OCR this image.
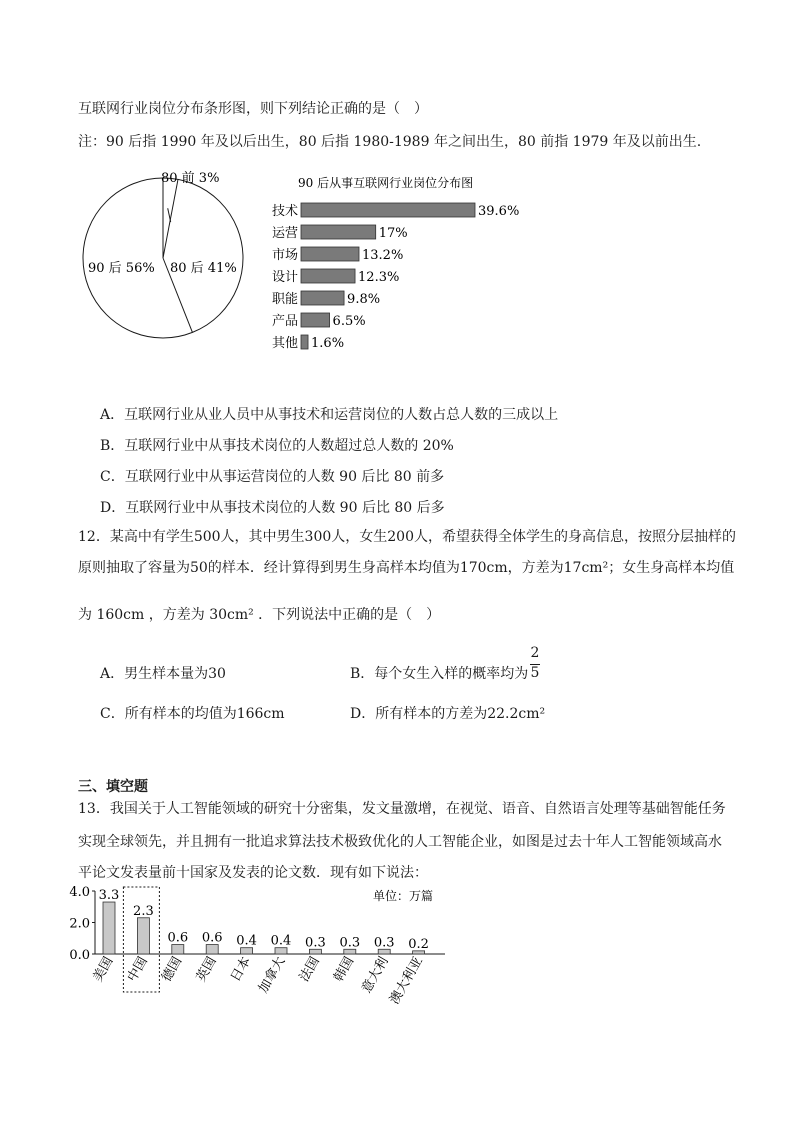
互联网行业岗位分布条形图，则下列结论正确的是（　）
注：90 后指 1990 年及以后出生，80 后指 1980-1989 年之间出生，80 前指 1979 年及以前出生.
80 前 3%
80 后 41%
90 后 56%
90 后从事互联网行业岗位分布图
技术	39.6%
运营	17%
市场	13.2%
设计	12.3%
职能	9.8%
产品	6.5%
其他 1.6%
A．互联网行业从业人员中从事技术和运营岗位的人数占总人数的三成以上
B．互联网行业中从事技术岗位的人数超过总人数的 20%
C．互联网行业中从事运营岗位的人数 90 后比 80 前多
D．互联网行业中从事技术岗位的人数 90 后比 80 后多
12．某高中有学生500人，其中男生300人，女生200人，希望获得全体学生的身高信息，按照分层抽样的
原则抽取了容量为50的样本．经计算得到男生身高样本均值为170cm，方差为17cm²；女生身高样本均值
为 160cm ，方差为 30cm² ．下列说法中正确的是（　）
A．男生样本量为30	B．每个女生入样的概率均为
2
5
C．所有样本的均值为166cm	D．所有样本的方差为22.2cm²
三、填空题
13．我国关于人工智能领域的研究十分密集，发文量激增，在视觉、语音、自然语言处理等基础智能任务
实现全球领先，并且拥有一批追求算法技术极致优化的人工智能企业，如图是过去十年人工智能领域高水
平论文发表量前十国家及发表的论文数．现有如下说法：
单位：万篇
0.0
2.0
4.0 3.3
美国
2.3
中国
0.6
德国
0.6
英国
0.4
日本
0.4
加拿大
0.3
法国
0.3
韩国
0.3
意大利
0.2
澳大利亚
